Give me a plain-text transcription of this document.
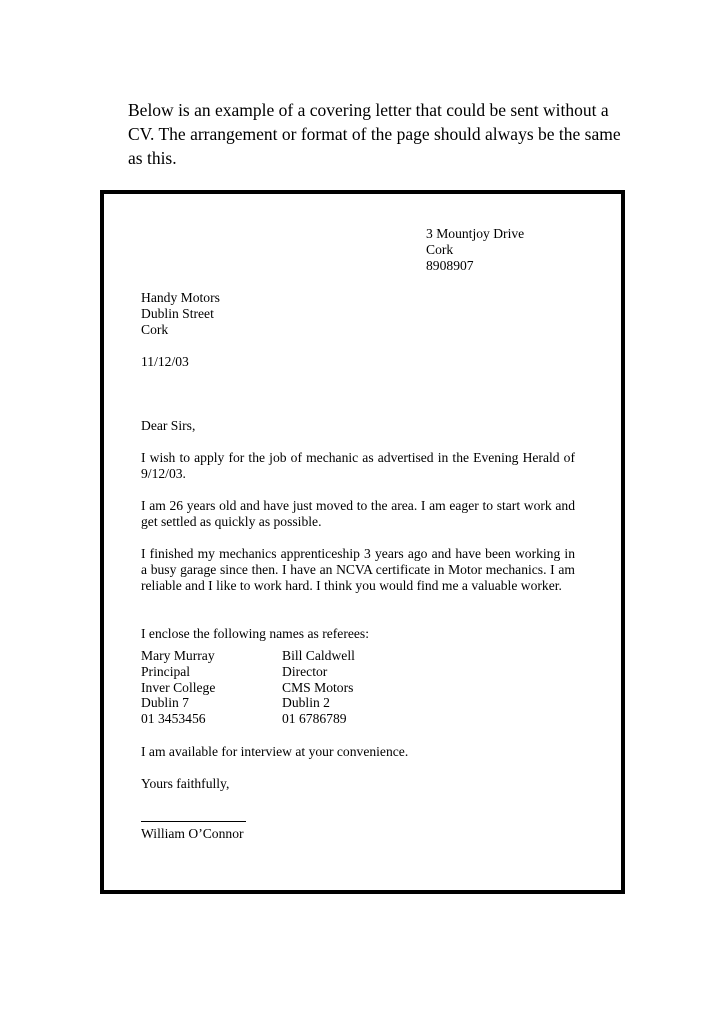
Below is an example of a covering letter that could be sent without a CV. The arrangement or format of the page should always be the same as this.

3 Mountjoy Drive
Cork
8908907
Handy Motors
Dublin Street
Cork
11/12/03
Dear Sirs,

I wish to apply for the job of mechanic as advertised in the Evening Herald of 9/12/03.

I am 26 years old and have just moved to the area. I am eager to start work and get settled as quickly as possible.

I finished my mechanics apprenticeship 3 years ago and have been working in a busy garage since then. I have an NCVA certificate in Motor mechanics. I am reliable and I like to work hard. I think you would find me a valuable worker.

I enclose the following names as referees:

Mary Murray
Principal
Inver College
Dublin 7
01 3453456
Bill Caldwell
Director
CMS Motors
Dublin 2
01 6786789

I am available for interview at your convenience.

Yours faithfully,
William O’Connor
